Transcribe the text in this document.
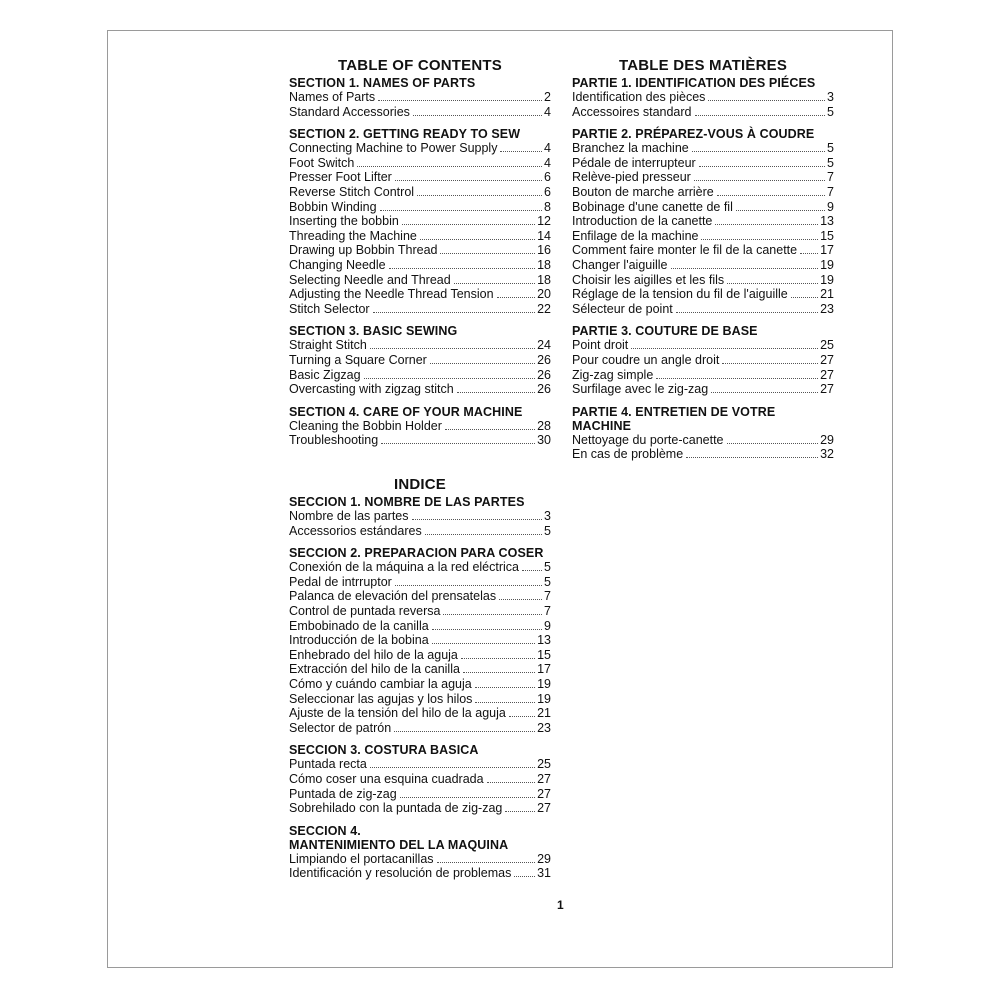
TABLE OF CONTENTS
SECTION 1. NAMES OF PARTS
Names of Parts	2
Standard Accessories	4
SECTION 2. GETTING READY TO SEW
Connecting Machine to Power Supply	4
Foot Switch	4
Presser Foot Lifter	6
Reverse Stitch Control	6
Bobbin Winding	8
Inserting the bobbin	12
Threading the Machine	14
Drawing up Bobbin Thread	16
Changing Needle	18
Selecting Needle and Thread	18
Adjusting the Needle Thread Tension	20
Stitch Selector	22
SECTION 3. BASIC SEWING
Straight Stitch	24
Turning a Square Corner	26
Basic Zigzag	26
Overcasting with zigzag stitch	26
SECTION 4. CARE OF YOUR MACHINE
Cleaning the Bobbin Holder	28
Troubleshooting	30
TABLE DES MATIÈRES
PARTIE 1. IDENTIFICATION DES PIÉCES
Identification des pièces	3
Accessoires standard	5
PARTIE 2. PRÉPAREZ-VOUS À COUDRE
Branchez la machine	5
Pédale de interrupteur	5
Relève-pied presseur	7
Bouton de marche arrière	7
Bobinage d'une canette de fil	9
Introduction de la canette	13
Enfilage de la machine	15
Comment faire monter le fil de la canette 17
Changer l'aiguille	19
Choisir les aigilles et les fils	19
Réglage de la tension du fil de l'aiguille	21
Sélecteur de point	23
PARTIE 3. COUTURE DE BASE
Point droit	25
Pour coudre un angle droit	27
Zig-zag simple	27
Surfilage avec le zig-zag	27
PARTIE 4. ENTRETIEN DE VOTRE MACHINE
Nettoyage du porte-canette	29
En cas de problème	32
INDICE
SECCION 1. NOMBRE DE LAS PARTES
Nombre de las partes	3
Accessorios estándares	5
SECCION 2. PREPARACION PARA COSER
Conexión de la máquina a la red eléctrica 5
Pedal de intrruptor	5
Palanca de elevación del prensatelas	7
Control de puntada reversa	7
Embobinado de la canilla	9
Introducción de la bobina	13
Enhebrado del hilo de la aguja	15
Extracción del hilo de la canilla	17
Cómo y cuándo cambiar la aguja	19
Seleccionar las agujas y los hilos	19
Ajuste de la tensión del hilo de la aguja	21
Selector de patrón	23
SECCION 3. COSTURA BASICA
Puntada recta	25
Cómo coser una esquina cuadrada	27
Puntada de zig-zag	27
Sobrehilado con la puntada de zig-zag	27
SECCION 4.
MANTENIMIENTO DEL LA MAQUINA
Limpiando el portacanillas	29
Identificación y resolución de problemas 31
1
